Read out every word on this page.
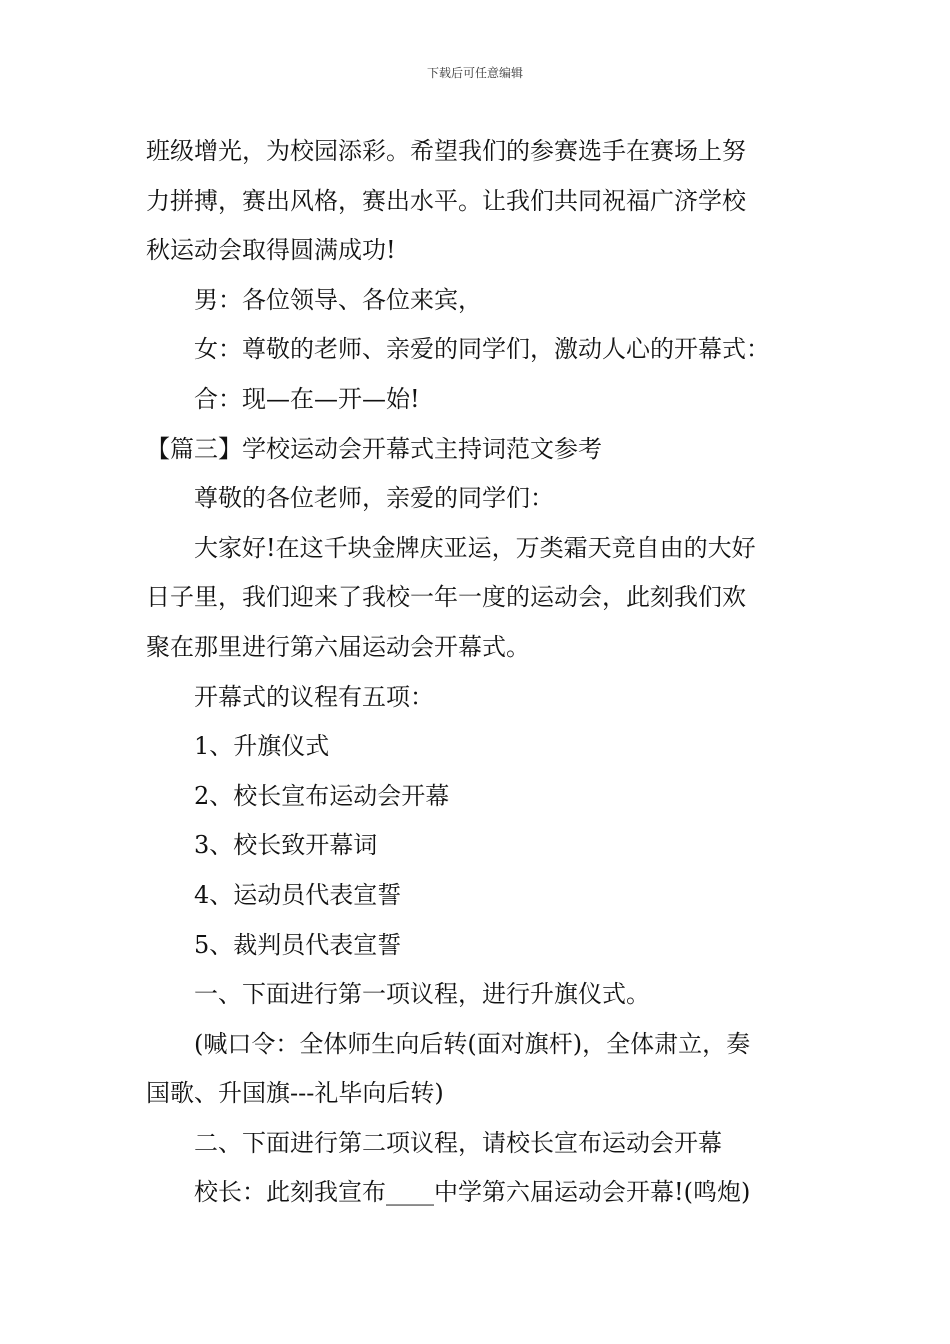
下载后可任意编辑

班级增光，为校园添彩。希望我们的参赛选手在赛场上努

力拼搏，赛出风格，赛出水平。让我们共同祝福广济学校

秋运动会取得圆满成功!

男：各位领导、各位来宾，

女：尊敬的老师、亲爱的同学们，激动人心的开幕式：

合：现—在—开—始!

【篇三】学校运动会开幕式主持词范文参考

尊敬的各位老师，亲爱的同学们：

大家好!在这千块金牌庆亚运，万类霜天竞自由的大好

日子里，我们迎来了我校一年一度的运动会，此刻我们欢

聚在那里进行第六届运动会开幕式。

开幕式的议程有五项：

1、升旗仪式

2、校长宣布运动会开幕

3、校长致开幕词

4、运动员代表宣誓

5、裁判员代表宣誓

一、下面进行第一项议程，进行升旗仪式。

(喊口令：全体师生向后转(面对旗杆)，全体肃立，奏

国歌、升国旗---礼毕向后转)

二、下面进行第二项议程，请校长宣布运动会开幕

校长：此刻我宣布____中学第六届运动会开幕!(鸣炮)
